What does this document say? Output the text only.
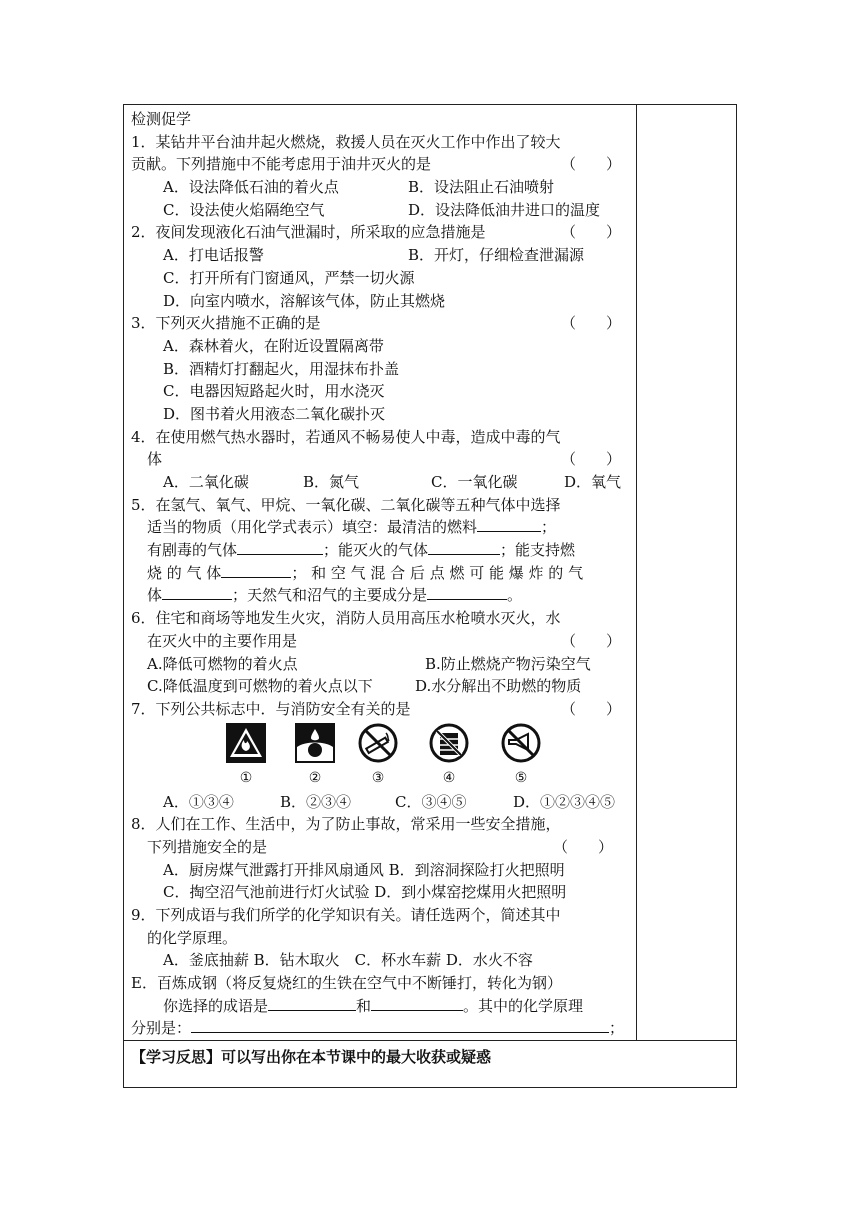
检测促学
1．某钻井平台油井起火燃烧，救援人员在灭火工作中作出了较大
贡献。下列措施中不能考虑用于油井灭火的是	（　　）
A．设法降低石油的着火点	B．设法阻止石油喷射
C．设法使火焰隔绝空气	D．设法降低油井进口的温度
2．夜间发现液化石油气泄漏时，所采取的应急措施是	（　　）
A．打电话报警	B．开灯，仔细检查泄漏源
C．打开所有门窗通风，严禁一切火源
D．向室内喷水，溶解该气体，防止其燃烧
3．下列灭火措施不正确的是	（　　）
A．森林着火，在附近设置隔离带
B．酒精灯打翻起火，用湿抹布扑盖
C．电器因短路起火时，用水浇灭
D．图书着火用液态二氧化碳扑灭
4．在使用燃气热水器时，若通风不畅易使人中毒，造成中毒的气
体	（　　）
A．二氧化碳	B．氮气	C．一氧化碳	D．氧气
5．在氢气、氧气、甲烷、一氧化碳、二氧化碳等五种气体中选择
适当的物质（用化学式表示）填空：最清洁的燃料	；
有剧毒的气体	；能灭火的气体	；能支持燃
烧 的 气 体	； 和 空 气 混 合 后 点 燃 可 能 爆 炸 的 气
体	；天然气和沼气的主要成分是	。
6．住宅和商场等地发生火灾，消防人员用高压水枪喷水灭火，水
在灭火中的主要作用是	（　　）
A.降低可燃物的着火点	B.防止燃烧产物污染空气
C.降低温度到可燃物的着火点以下	D.水分解出不助燃的物质
7．下列公共标志中．与消防安全有关的是	（　　）
①	②	③	④	⑤
A．①③④	B．②③④	C．③④⑤	D．①②③④⑤
8．人们在工作、生活中，为了防止事故，常采用一些安全措施，
下列措施安全的是	（　　）
A．厨房煤气泄露打开排风扇通风 B．到溶洞探险打火把照明
C．掏空沼气池前进行灯火试验 D．到小煤窑挖煤用火把照明
9．下列成语与我们所学的化学知识有关。请任选两个，简述其中
的化学原理。
A．釜底抽薪 B．钻木取火　C．杯水车薪 D．水火不容
E．百炼成钢（将反复烧红的生铁在空气中不断锤打，转化为钢）
你选择的成语是	和	。其中的化学原理
分别是：	；
【学习反思】可以写出你在本节课中的最大收获或疑惑
